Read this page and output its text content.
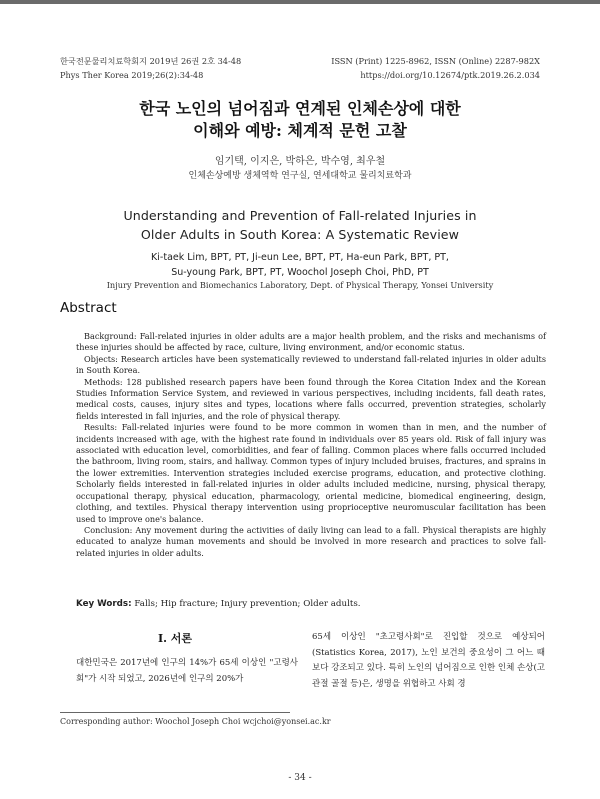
한국전문물리치료학회지 2019년 26권 2호 34-48
Phys Ther Korea 2019;26(2):34-48
ISSN (Print) 1225-8962, ISSN (Online) 2287-982X
https://doi.org/10.12674/ptk.2019.26.2.034
한국 노인의 넘어짐과 연계된 인체손상에 대한
이해와 예방: 체계적 문헌 고찰
임기택, 이지은, 박하은, 박수영, 최우철
인체손상예방 생체역학 연구실, 연세대학교 물리치료학과
Understanding and Prevention of Fall-related Injuries in
Older Adults in South Korea: A Systematic Review
Ki-taek Lim, BPT, PT, Ji-eun Lee, BPT, PT, Ha-eun Park, BPT, PT,
Su-young Park, BPT, PT, Woochol Joseph Choi, PhD, PT
Injury Prevention and Biomechanics Laboratory, Dept. of Physical Therapy, Yonsei University
Abstract

Background: Fall-related injuries in older adults are a major health problem, and the risks and mechanisms of these injuries should be affected by race, culture, living environment, and/or economic status.

Objects: Research articles have been systematically reviewed to understand fall-related injuries in older adults in South Korea.

Methods: 128 published research papers have been found through the Korea Citation Index and the Korean Studies Information Service System, and reviewed in various perspectives, including incidents, fall death rates, medical costs, causes, injury sites and types, locations where falls occurred, prevention strategies, scholarly fields interested in fall injuries, and the role of physical therapy.

Results: Fall-related injuries were found to be more common in women than in men, and the number of incidents increased with age, with the highest rate found in individuals over 85 years old. Risk of fall injury was associated with education level, comorbidities, and fear of falling. Common places where falls occurred included the bathroom, living room, stairs, and hallway. Common types of injury included bruises, fractures, and sprains in the lower extremities. Intervention strategies included exercise programs, education, and protective clothing. Scholarly fields interested in fall-related injuries in older adults included medicine, nursing, physical therapy, occupational therapy, physical education, pharmacology, oriental medicine, biomedical engineering, design, clothing, and textiles. Physical therapy intervention using proprioceptive neuromuscular facilitation has been used to improve one's balance.

Conclusion: Any movement during the activities of daily living can lead to a fall. Physical therapists are highly educated to analyze human movements and should be involved in more research and practices to solve fall-related injuries in older adults.

Key Words: Falls; Hip fracture; Injury prevention; Older adults.
Ⅰ. 서론

대한민국은 2017년에 인구의 14%가 65세 이상인 "고령사회"가 시작 되었고, 2026년에 인구의 20%가

65세 이상인 "초고령사회"로 진입할 것으로 예상되어 (Statistics Korea, 2017), 노인 보건의 중요성이 그 어느 때 보다 강조되고 있다. 특히 노인의 넘어짐으로 인한 인체 손상(고관절 골절 등)은, 생명을 위협하고 사회 경

Corresponding author: Woochol Joseph Choi wcjchoi@yonsei.ac.kr
- 34 -
